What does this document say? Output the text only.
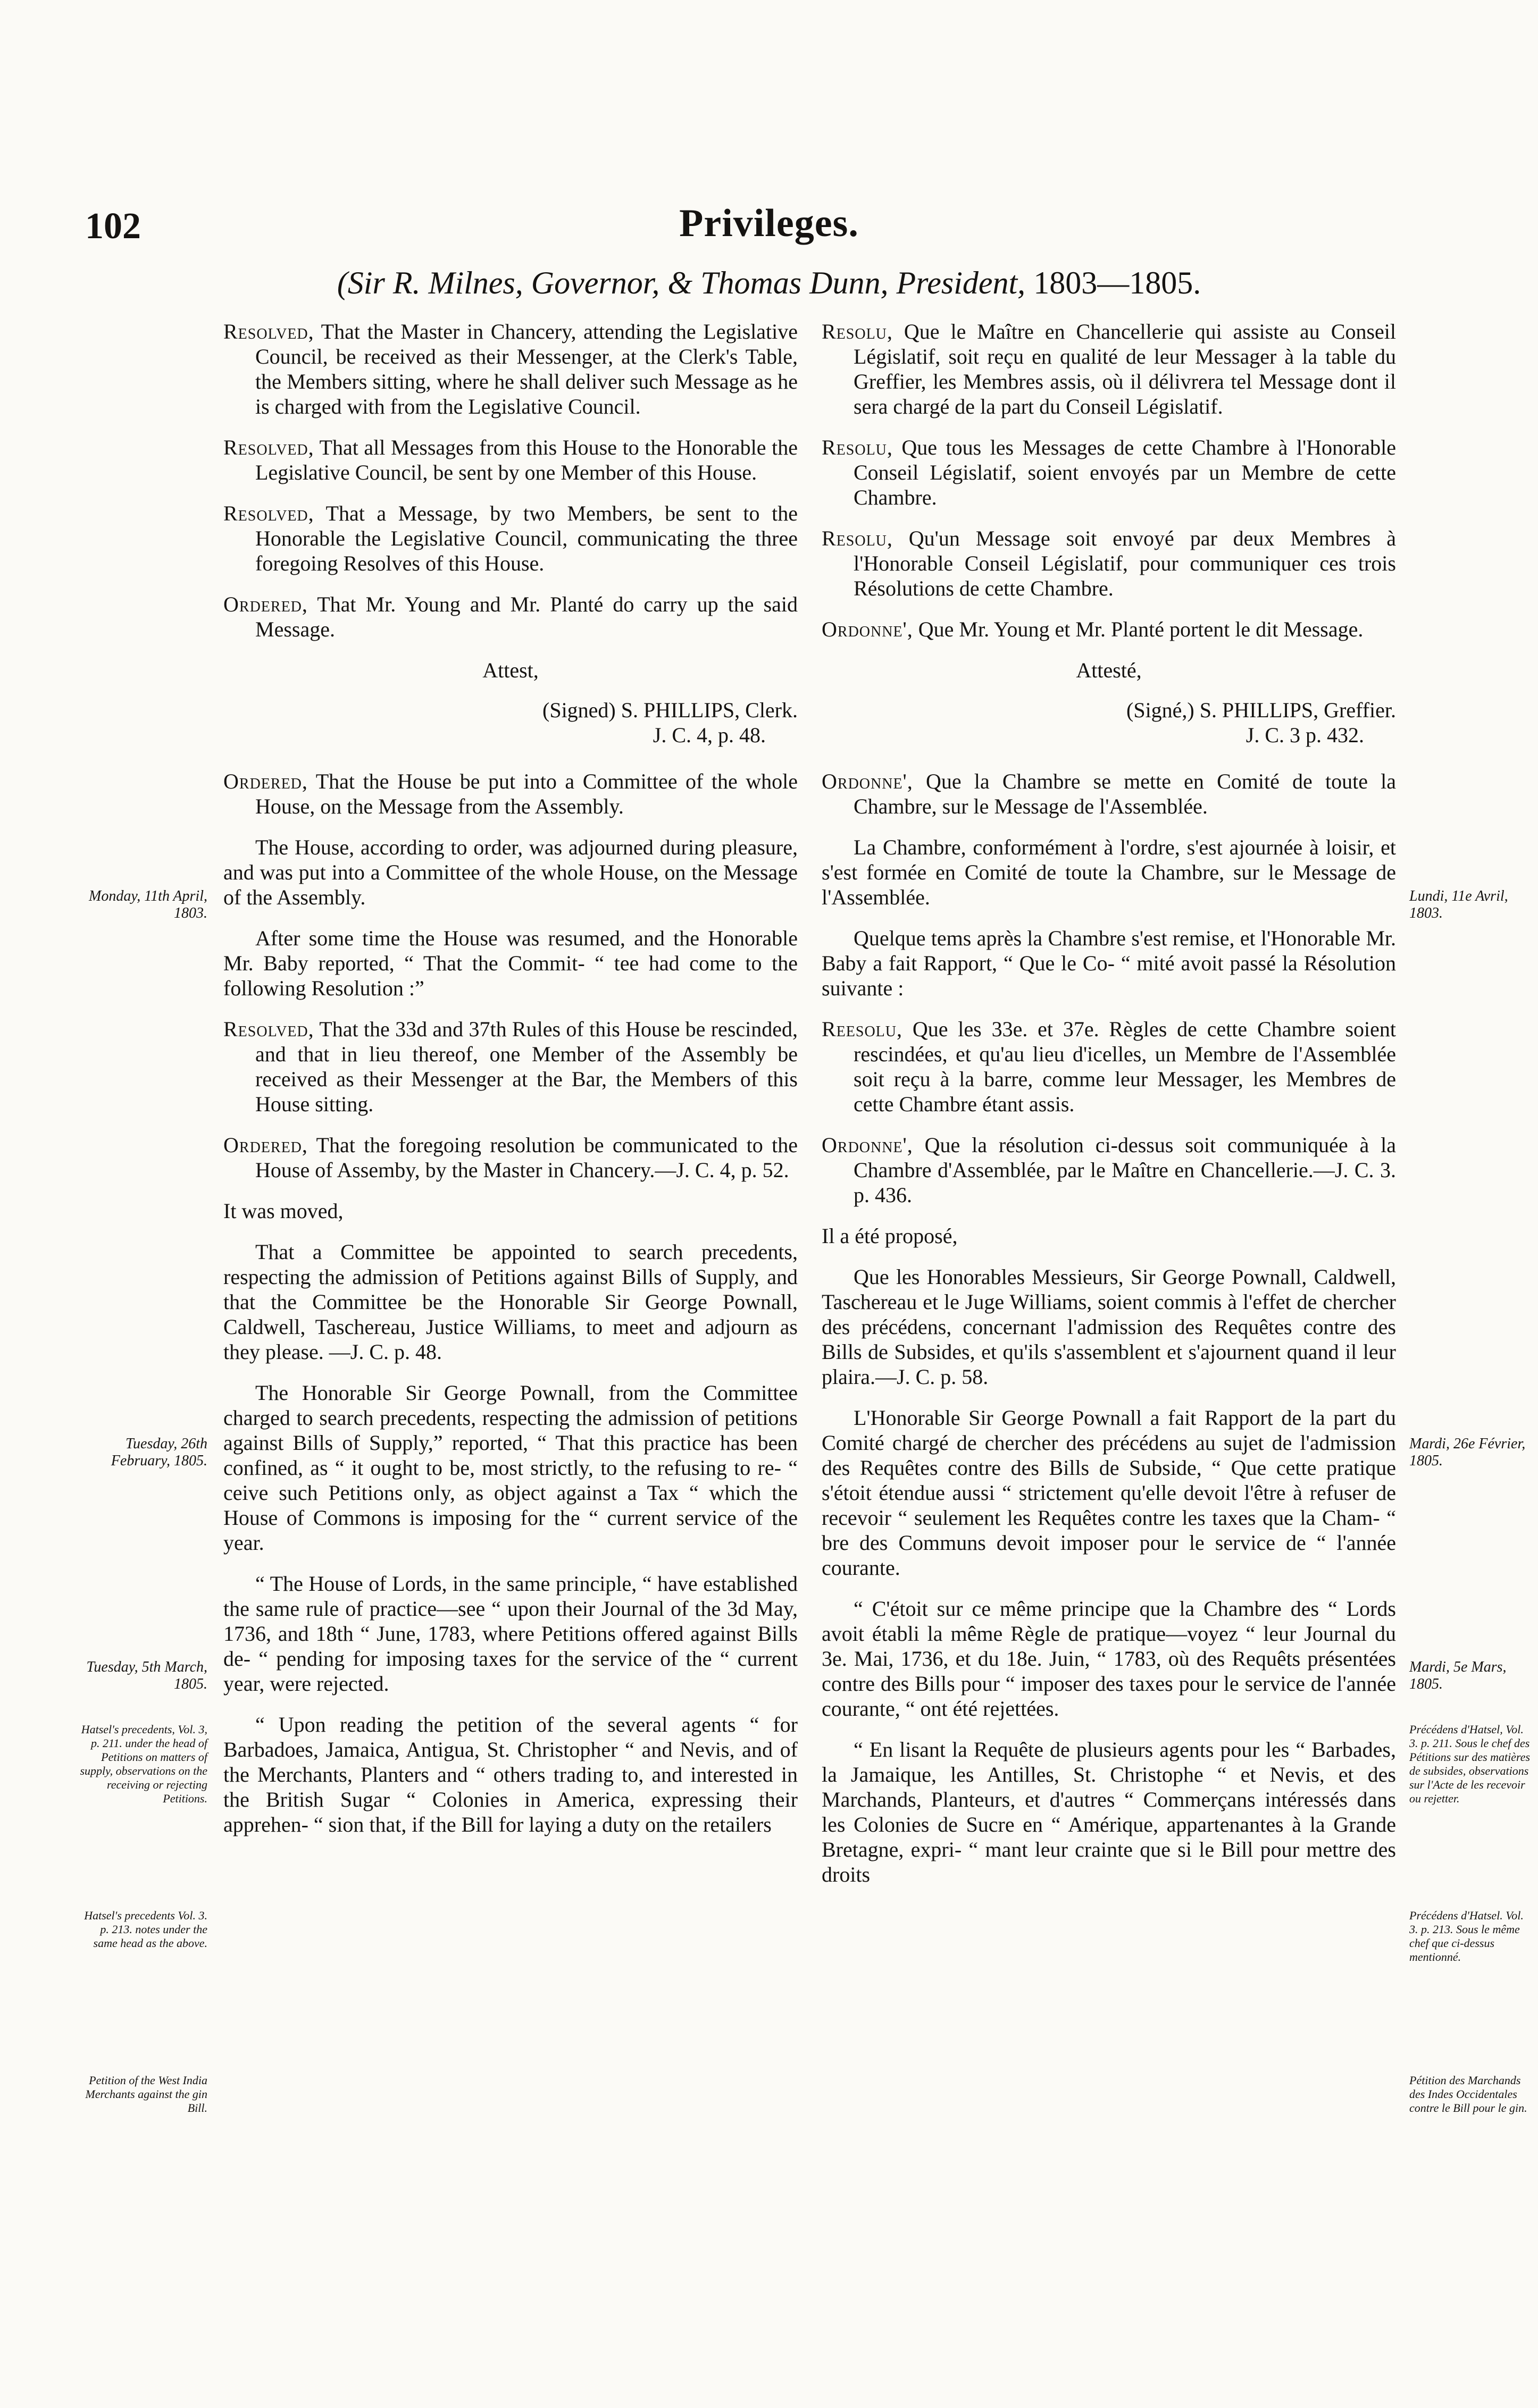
102	Privileges.
(Sir R. Milnes, Governor, & Thomas Dunn, President, 1803—1805.
Resolved, That the Master in Chancery, attending the Legislative Council, be received as their Messenger, at the Clerk's Table, the Members sitting, where he shall deliver such Message as he is charged with from the Legislative Council.
Resolved, That all Messages from this House to the Honorable the Legislative Council, be sent by one Member of this House.
Resolved, That a Message, by two Members, be sent to the Honorable the Legislative Council, communicating the three foregoing Resolves of this House.
Ordered, That Mr. Young and Mr. Planté do carry up the said Message.
Attest,
(Signed) S. PHILLIPS, Clerk.
J. C. 4, p. 48.
Ordered, That the House be put into a Committee of the whole House, on the Message from the Assembly.
The House, according to order, was adjourned during pleasure, and was put into a Committee of the whole House, on the Message of the Assembly.
After some time the House was resumed, and the Honorable Mr. Baby reported, “ That the Commit- “ tee had come to the following Resolution :”
Resolved, That the 33d and 37th Rules of this House be rescinded, and that in lieu thereof, one Member of the Assembly be received as their Messenger at the Bar, the Members of this House sitting.
Ordered, That the foregoing resolution be communicated to the House of Assemby, by the Master in Chancery.—J. C. 4, p. 52.
It was moved,
That a Committee be appointed to search precedents, respecting the admission of Petitions against Bills of Supply, and that the Committee be the Honorable Sir George Pownall, Caldwell, Taschereau, Justice Williams, to meet and adjourn as they please. —J. C. p. 48.
The Honorable Sir George Pownall, from the Committee charged to search precedents, respecting the admission of petitions against Bills of Supply,” reported, “ That this practice has been confined, as “ it ought to be, most strictly, to the refusing to re- “ ceive such Petitions only, as object against a Tax “ which the House of Commons is imposing for the “ current service of the year.
“ The House of Lords, in the same principle, “ have established the same rule of practice—see “ upon their Journal of the 3d May, 1736, and 18th “ June, 1783, where Petitions offered against Bills de- “ pending for imposing taxes for the service of the “ current year, were rejected.
“ Upon reading the petition of the several agents “ for Barbadoes, Jamaica, Antigua, St. Christopher “ and Nevis, and of the Merchants, Planters and “ others trading to, and interested in the British Sugar “ Colonies in America, expressing their apprehen- “ sion that, if the Bill for laying a duty on the retailers
Resolu, Que le Maître en Chancellerie qui assiste au Conseil Législatif, soit reçu en qualité de leur Messager à la table du Greffier, les Membres assis, où il délivrera tel Message dont il sera chargé de la part du Conseil Législatif.
Resolu, Que tous les Messages de cette Chambre à l'Honorable Conseil Législatif, soient envoyés par un Membre de cette Chambre.
Resolu, Qu'un Message soit envoyé par deux Membres à l'Honorable Conseil Législatif, pour communiquer ces trois Résolutions de cette Chambre.
Ordonne', Que Mr. Young et Mr. Planté portent le dit Message.
Attesté,
(Signé,) S. PHILLIPS, Greffier.
J. C. 3 p. 432.
Ordonne', Que la Chambre se mette en Comité de toute la Chambre, sur le Message de l'Assemblée.
La Chambre, conformément à l'ordre, s'est ajournée à loisir, et s'est formée en Comité de toute la Chambre, sur le Message de l'Assemblée.
Quelque tems après la Chambre s'est remise, et l'Honorable Mr. Baby a fait Rapport, “ Que le Co- “ mité avoit passé la Résolution suivante :
Reesolu, Que les 33e. et 37e. Règles de cette Chambre soient rescindées, et qu'au lieu d'icelles, un Membre de l'Assemblée soit reçu à la barre, comme leur Messager, les Membres de cette Chambre étant assis.
Ordonne', Que la résolution ci-dessus soit communiquée à la Chambre d'Assemblée, par le Maître en Chancellerie.—J. C. 3. p. 436.
Il a été proposé,
Que les Honorables Messieurs, Sir George Pownall, Caldwell, Taschereau et le Juge Williams, soient commis à l'effet de chercher des précédens, concernant l'admission des Requêtes contre des Bills de Subsides, et qu'ils s'assemblent et s'ajournent quand il leur plaira.—J. C. p. 58.
L'Honorable Sir George Pownall a fait Rapport de la part du Comité chargé de chercher des précédens au sujet de l'admission des Requêtes contre des Bills de Subside, “ Que cette pratique s'étoit étendue aussi “ strictement qu'elle devoit l'être à refuser de recevoir “ seulement les Requêtes contre les taxes que la Cham- “ bre des Communs devoit imposer pour le service de “ l'année courante.
“ C'étoit sur ce même principe que la Chambre des “ Lords avoit établi la même Règle de pratique—voyez “ leur Journal du 3e. Mai, 1736, et du 18e. Juin, “ 1783, où des Requêts présentées contre des Bills pour “ imposer des taxes pour le service de l'année courante, “ ont été rejettées.
“ En lisant la Requête de plusieurs agents pour les “ Barbades, la Jamaique, les Antilles, St. Christophe “ et Nevis, et des Marchands, Planteurs, et d'autres “ Commerçans intéressés dans les Colonies de Sucre en “ Amérique, appartenantes à la Grande Bretagne, expri- “ mant leur crainte que si le Bill pour mettre des droits
Monday, 11th April, 1803.
Tuesday, 26th February, 1805.
Tuesday, 5th March, 1805.
Hatsel's precedents, Vol. 3, p. 211. under the head of Petitions on matters of supply, observations on the receiving or rejecting Petitions.
Hatsel's precedents Vol. 3. p. 213. notes under the same head as the above.
Petition of the West India Merchants against the gin Bill.
Lundi, 11e Avril, 1803.
Mardi, 26e Février, 1805.
Mardi, 5e Mars, 1805.
Précédens d'Hatsel, Vol. 3. p. 211. Sous le chef des Pétitions sur des matières de subsides, observations sur l'Acte de les recevoir ou rejetter.
Précédens d'Hatsel. Vol. 3. p. 213. Sous le même chef que ci-dessus mentionné.
Pétition des Marchands des Indes Occidentales contre le Bill pour le gin.
